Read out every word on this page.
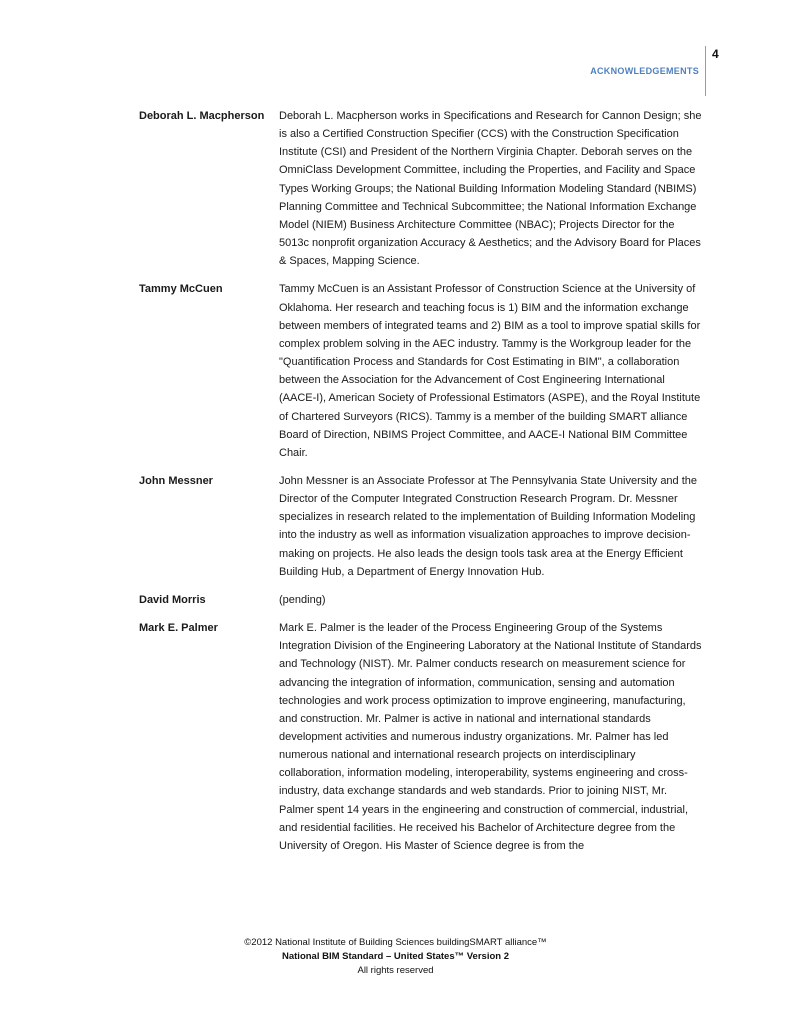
4
ACKNOWLEDGEMENTS
Deborah L. Macpherson	Deborah L. Macpherson works in Specifications and Research for Cannon Design; she is also a Certified Construction Specifier (CCS) with the Construction Specification Institute (CSI) and President of the Northern Virginia Chapter. Deborah serves on the OmniClass Development Committee, including the Properties, and Facility and Space Types Working Groups; the National Building Information Modeling Standard (NBIMS) Planning Committee and Technical Subcommittee; the National Information Exchange Model (NIEM) Business Architecture Committee (NBAC); Projects Director for the 5013c nonprofit organization Accuracy & Aesthetics; and the Advisory Board for Places & Spaces, Mapping Science.

Tammy McCuen	Tammy McCuen is an Assistant Professor of Construction Science at the University of Oklahoma. Her research and teaching focus is 1) BIM and the information exchange between members of integrated teams and 2) BIM as a tool to improve spatial skills for complex problem solving in the AEC industry. Tammy is the Workgroup leader for the "Quantification Process and Standards for Cost Estimating in BIM", a collaboration between the Association for the Advancement of Cost Engineering International (AACE-I), American Society of Professional Estimators (ASPE), and the Royal Institute of Chartered Surveyors (RICS). Tammy is a member of the building SMART alliance Board of Direction, NBIMS Project Committee, and AACE-I National BIM Committee Chair.

John Messner	John Messner is an Associate Professor at The Pennsylvania State University and the Director of the Computer Integrated Construction Research Program. Dr. Messner specializes in research related to the implementation of Building Information Modeling into the industry as well as information visualization approaches to improve decision-making on projects. He also leads the design tools task area at the Energy Efficient Building Hub, a Department of Energy Innovation Hub.

David Morris	(pending)

Mark E. Palmer	Mark E. Palmer is the leader of the Process Engineering Group of the Systems Integration Division of the Engineering Laboratory at the National Institute of Standards and Technology (NIST). Mr. Palmer conducts research on measurement science for advancing the integration of information, communication, sensing and automation technologies and work process optimization to improve engineering, manufacturing, and construction. Mr. Palmer is active in national and international standards development activities and numerous industry organizations. Mr. Palmer has led numerous national and international research projects on interdisciplinary collaboration, information modeling, interoperability, systems engineering and cross-industry, data exchange standards and web standards. Prior to joining NIST, Mr. Palmer spent 14 years in the engineering and construction of commercial, industrial, and residential facilities. He received his Bachelor of Architecture degree from the University of Oregon. His Master of Science degree is from the

©2012 National Institute of Building Sciences buildingSMART alliance™
National BIM Standard – United States™ Version 2
All rights reserved
